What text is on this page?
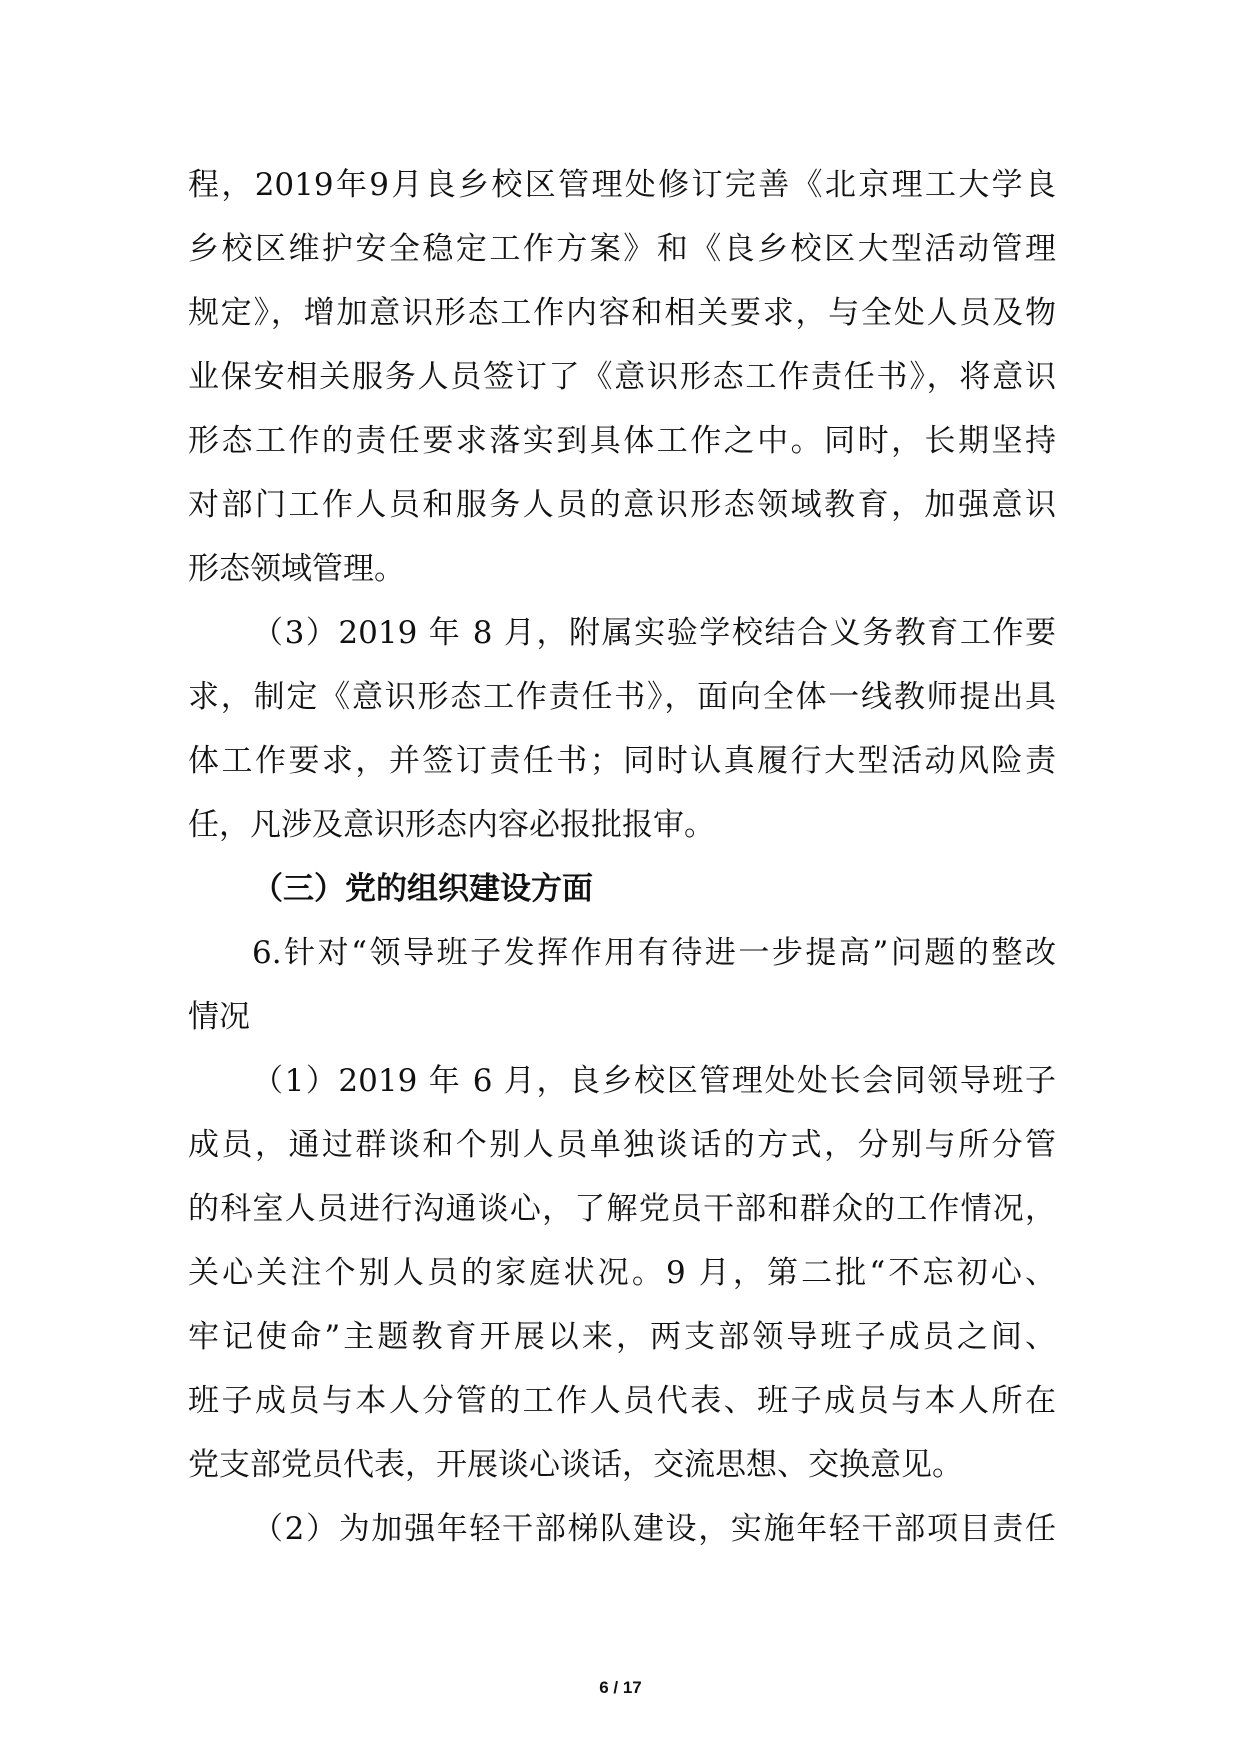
程，2019年9月良乡校区管理处修订完善《北京理工大学良
乡校区维护安全稳定工作方案》和《良乡校区大型活动管理
规定》，增加意识形态工作内容和相关要求，与全处人员及物
业保安相关服务人员签订了《意识形态工作责任书》，将意识
形态工作的责任要求落实到具体工作之中。同时，长期坚持
对部门工作人员和服务人员的意识形态领域教育，加强意识
形态领域管理。
（3）2019 年 8 月，附属实验学校结合义务教育工作要
求，制定《意识形态工作责任书》，面向全体一线教师提出具
体工作要求，并签订责任书；同时认真履行大型活动风险责
任，凡涉及意识形态内容必报批报审。
（三）党的组织建设方面
6.针对“领导班子发挥作用有待进一步提高”问题的整改
情况
（1）2019 年 6 月，良乡校区管理处处长会同领导班子
成员，通过群谈和个别人员单独谈话的方式，分别与所分管
的科室人员进行沟通谈心，了解党员干部和群众的工作情况，
关心关注个别人员的家庭状况。9 月，第二批“不忘初心、
牢记使命”主题教育开展以来，两支部领导班子成员之间、
班子成员与本人分管的工作人员代表、班子成员与本人所在
党支部党员代表，开展谈心谈话，交流思想、交换意见。
（2）为加强年轻干部梯队建设，实施年轻干部项目责任
6 / 17
